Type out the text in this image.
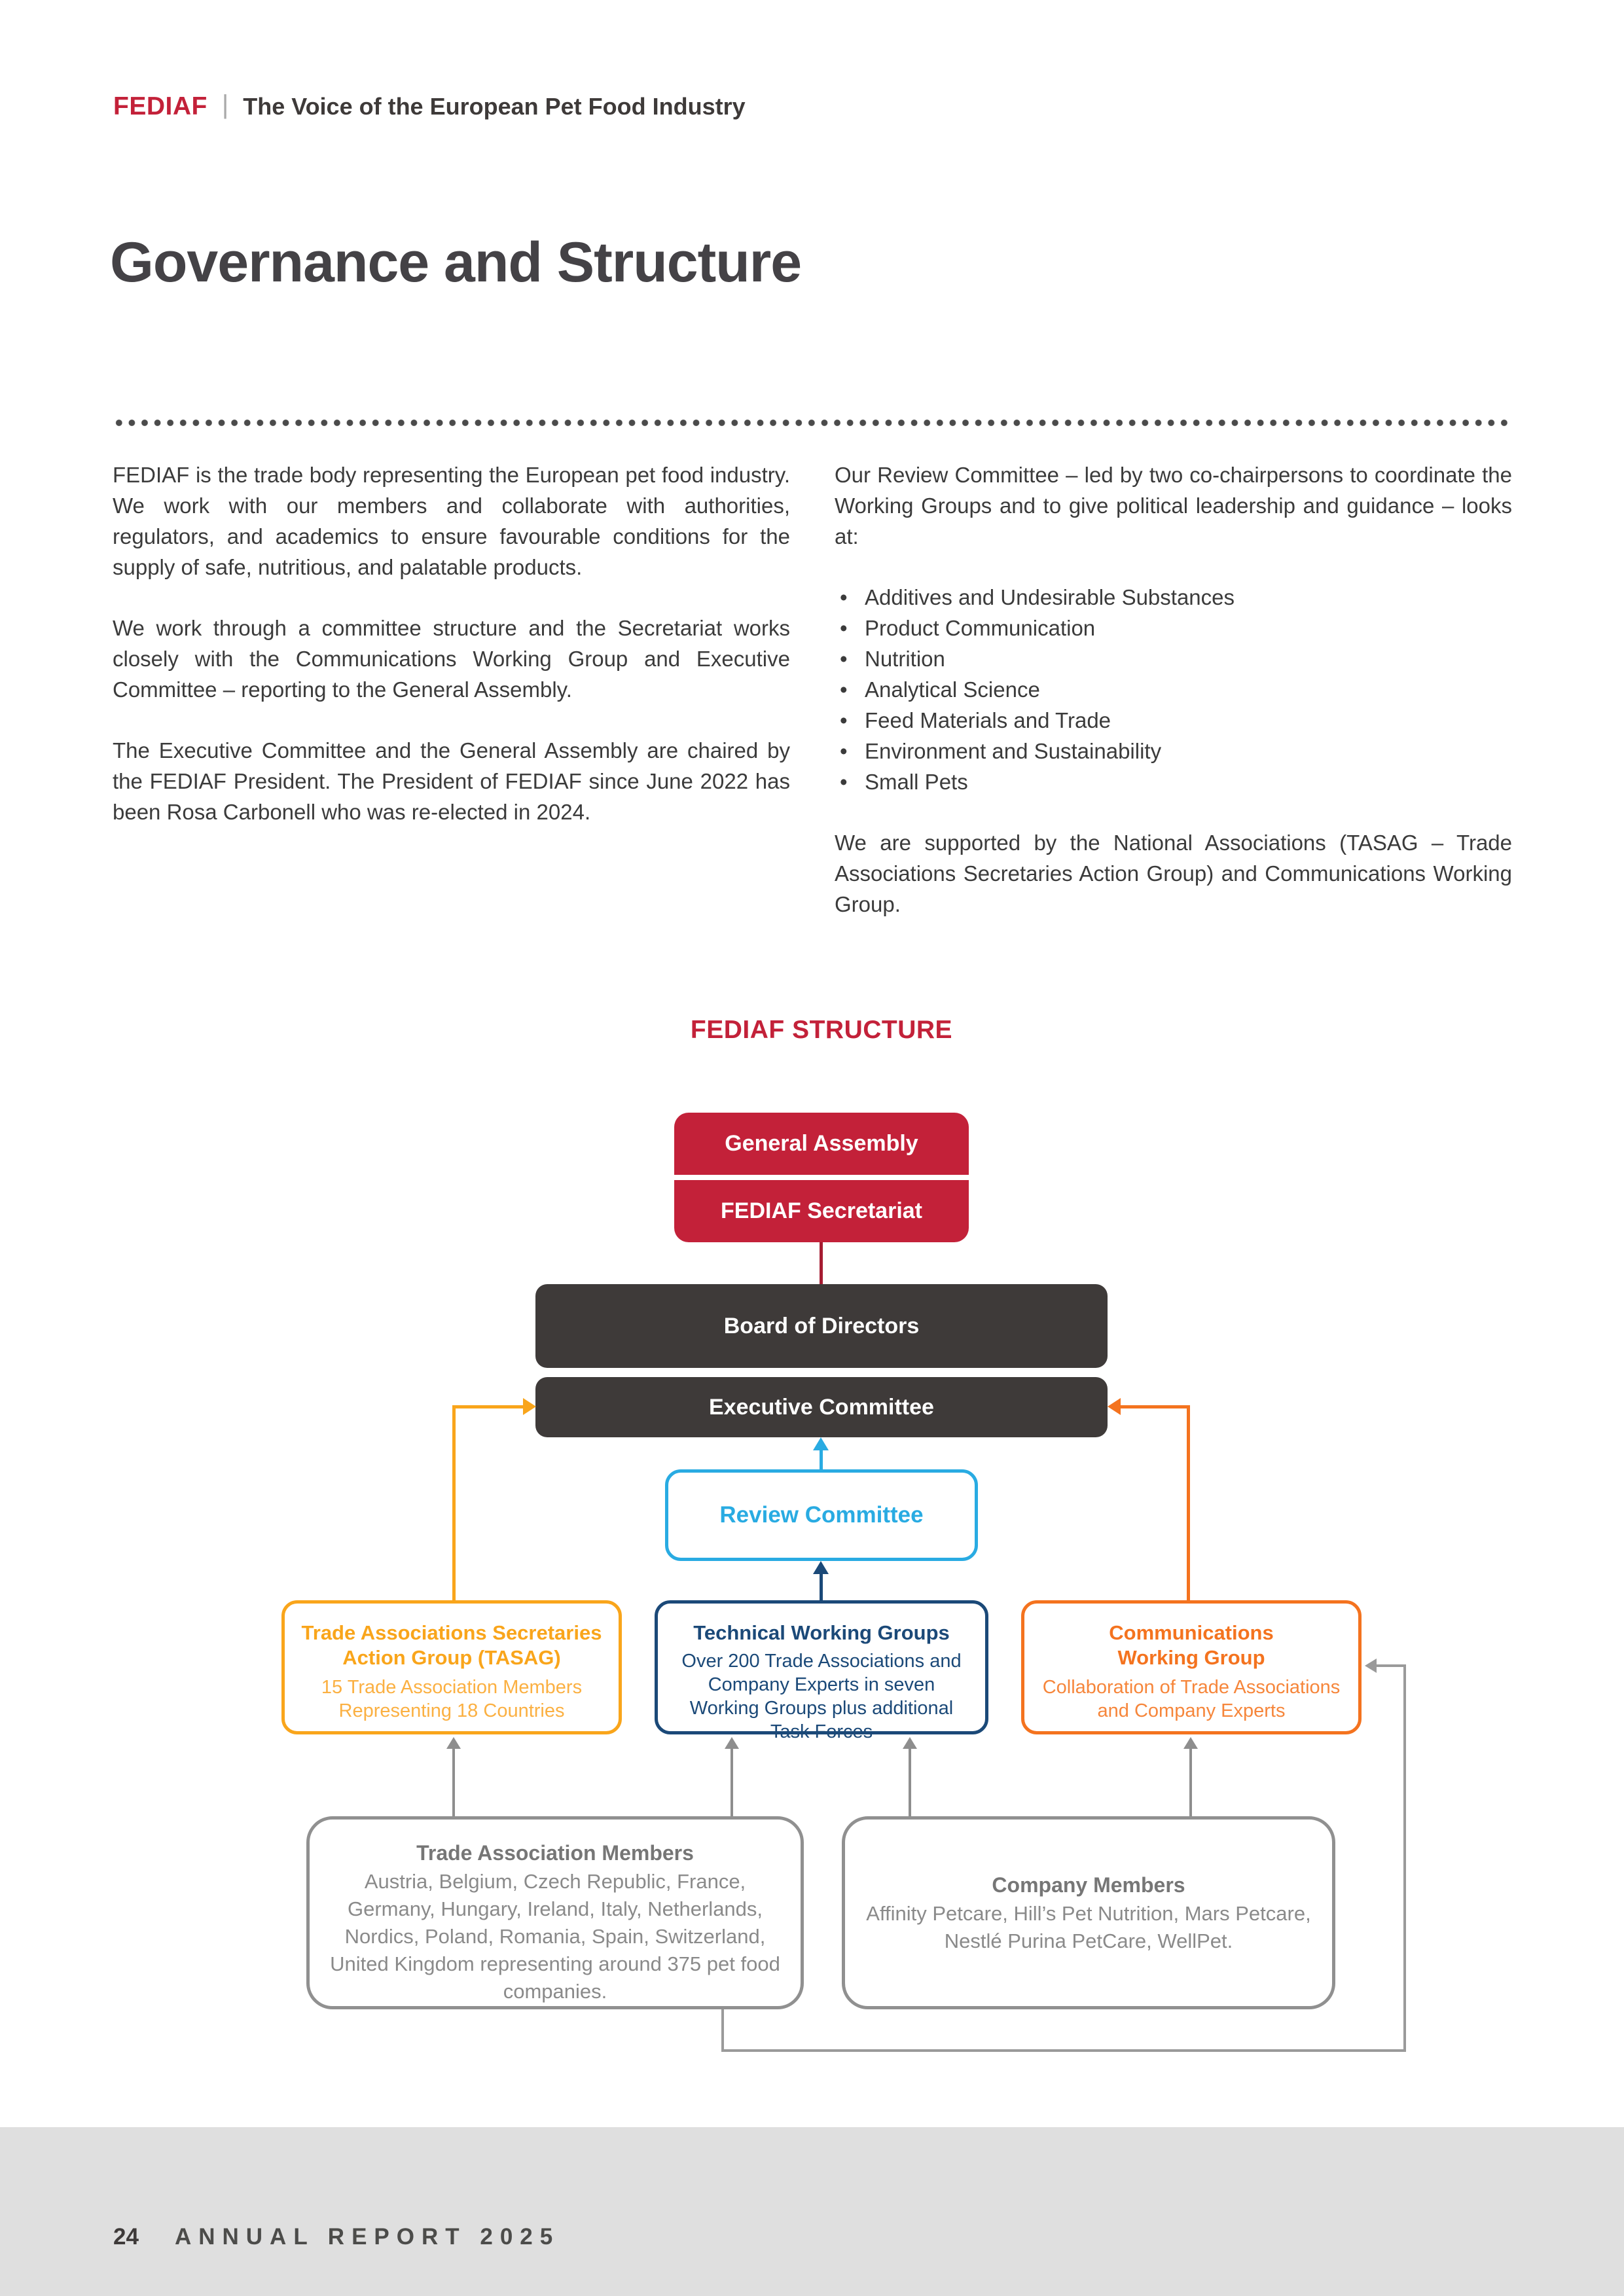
FEDIAF | The Voice of the European Pet Food Industry
Governance and Structure

FEDIAF is the trade body representing the European pet food industry. We work with our members and collaborate with authorities, regulators, and academics to ensure favourable conditions for the supply of safe, nutritious, and palatable products.

We work through a committee structure and the Secretariat works closely with the Communications Working Group and Executive Committee – reporting to the General Assembly.

The Executive Committee and the General Assembly are chaired by the FEDIAF President. The President of FEDIAF since June 2022 has been Rosa Carbonell who was re-elected in 2024.

Our Review Committee – led by two co-chairpersons to coordinate the Working Groups and to give political leadership and guidance – looks at:

• Additives and Undesirable Substances
• Product Communication
• Nutrition
• Analytical Science
• Feed Materials and Trade
• Environment and Sustainability
• Small Pets

We are supported by the National Associations (TASAG – Trade Associations Secretaries Action Group) and Communications Working Group.

FEDIAF STRUCTURE
General Assembly
FEDIAF Secretariat
Board of Directors
Executive Committee
Review Committee
Trade Associations Secretaries Action Group (TASAG)
15 Trade Association Members Representing 18 Countries
Technical Working Groups
Over 200 Trade Associations and Company Experts in seven Working Groups plus additional Task Forces
Communications Working Group
Collaboration of Trade Associations and Company Experts
Trade Association Members
Austria, Belgium, Czech Republic, France, Germany, Hungary, Ireland, Italy, Netherlands, Nordics, Poland, Romania, Spain, Switzerland, United Kingdom representing around 375 pet food companies.
Company Members
Affinity Petcare, Hill’s Pet Nutrition, Mars Petcare, Nestlé Purina PetCare, WellPet.
24 ANNUAL REPORT 2025
